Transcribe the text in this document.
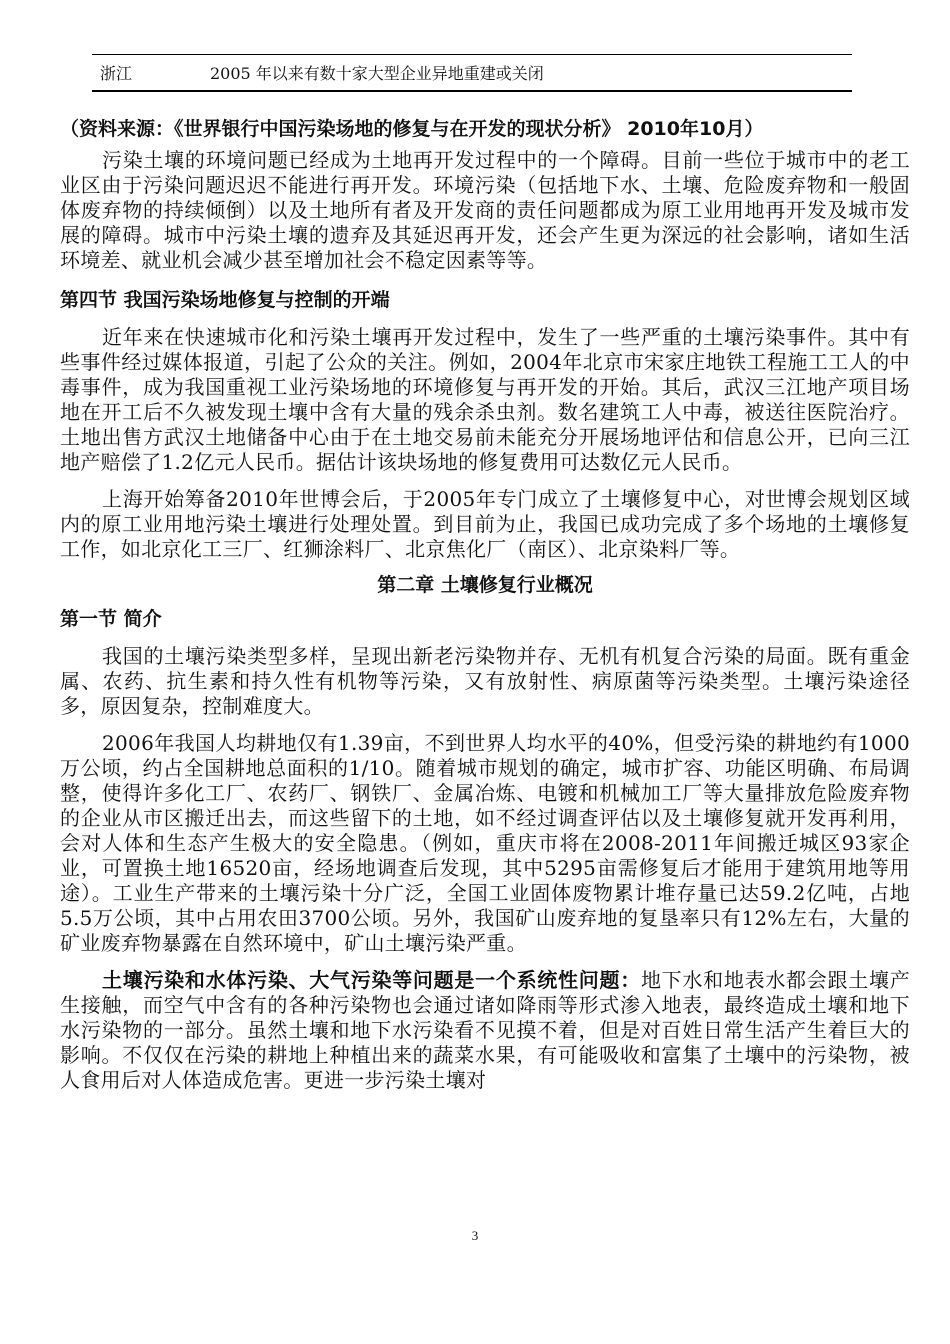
浙江	2005 年以来有数十家大型企业异地重建或关闭

（资料来源：《世界银行中国污染场地的修复与在开发的现状分析》 2010年10月）

污染土壤的环境问题已经成为土地再开发过程中的一个障碍。目前一些位于城市中的老工业区由于污染问题迟迟不能进行再开发。环境污染（包括地下水、土壤、危险废弃物和一般固体废弃物的持续倾倒）以及土地所有者及开发商的责任问题都成为原工业用地再开发及城市发展的障碍。城市中污染土壤的遗弃及其延迟再开发，还会产生更为深远的社会影响，诸如生活环境差、就业机会减少甚至增加社会不稳定因素等等。

第四节 我国污染场地修复与控制的开端

近年来在快速城市化和污染土壤再开发过程中，发生了一些严重的土壤污染事件。其中有些事件经过媒体报道，引起了公众的关注。例如，2004年北京市宋家庄地铁工程施工工人的中毒事件，成为我国重视工业污染场地的环境修复与再开发的开始。其后，武汉三江地产项目场地在开工后不久被发现土壤中含有大量的残余杀虫剂。数名建筑工人中毒，被送往医院治疗。土地出售方武汉土地储备中心由于在土地交易前未能充分开展场地评估和信息公开，已向三江地产赔偿了1.2亿元人民币。据估计该块场地的修复费用可达数亿元人民币。

上海开始筹备2010年世博会后，于2005年专门成立了土壤修复中心，对世博会规划区域内的原工业用地污染土壤进行处理处置。到目前为止，我国已成功完成了多个场地的土壤修复工作，如北京化工三厂、红狮涂料厂、北京焦化厂（南区）、北京染料厂等。

第二章 土壤修复行业概况

第一节 简介

我国的土壤污染类型多样，呈现出新老污染物并存、无机有机复合污染的局面。既有重金属、农药、抗生素和持久性有机物等污染，又有放射性、病原菌等污染类型。土壤污染途径多，原因复杂，控制难度大。

2006年我国人均耕地仅有1.39亩，不到世界人均水平的40%，但受污染的耕地约有1000万公顷，约占全国耕地总面积的1/10。随着城市规划的确定，城市扩容、功能区明确、布局调整，使得许多化工厂、农药厂、钢铁厂、金属冶炼、电镀和机械加工厂等大量排放危险废弃物的企业从市区搬迁出去，而这些留下的土地，如不经过调查评估以及土壤修复就开发再利用，会对人体和生态产生极大的安全隐患。（例如，重庆市将在2008-2011年间搬迁城区93家企业，可置换土地16520亩，经场地调查后发现，其中5295亩需修复后才能用于建筑用地等用途）。工业生产带来的土壤污染十分广泛，全国工业固体废物累计堆存量已达59.2亿吨，占地5.5万公顷，其中占用农田3700公顷。另外，我国矿山废弃地的复垦率只有12%左右，大量的矿业废弃物暴露在自然环境中，矿山土壤污染严重。

土壤污染和水体污染、大气污染等问题是一个系统性问题：地下水和地表水都会跟土壤产生接触，而空气中含有的各种污染物也会通过诸如降雨等形式渗入地表，最终造成土壤和地下水污染物的一部分。虽然土壤和地下水污染看不见摸不着，但是对百姓日常生活产生着巨大的影响。不仅仅在污染的耕地上种植出来的蔬菜水果，有可能吸收和富集了土壤中的污染物，被人食用后对人体造成危害。更进一步污染土壤对

3
